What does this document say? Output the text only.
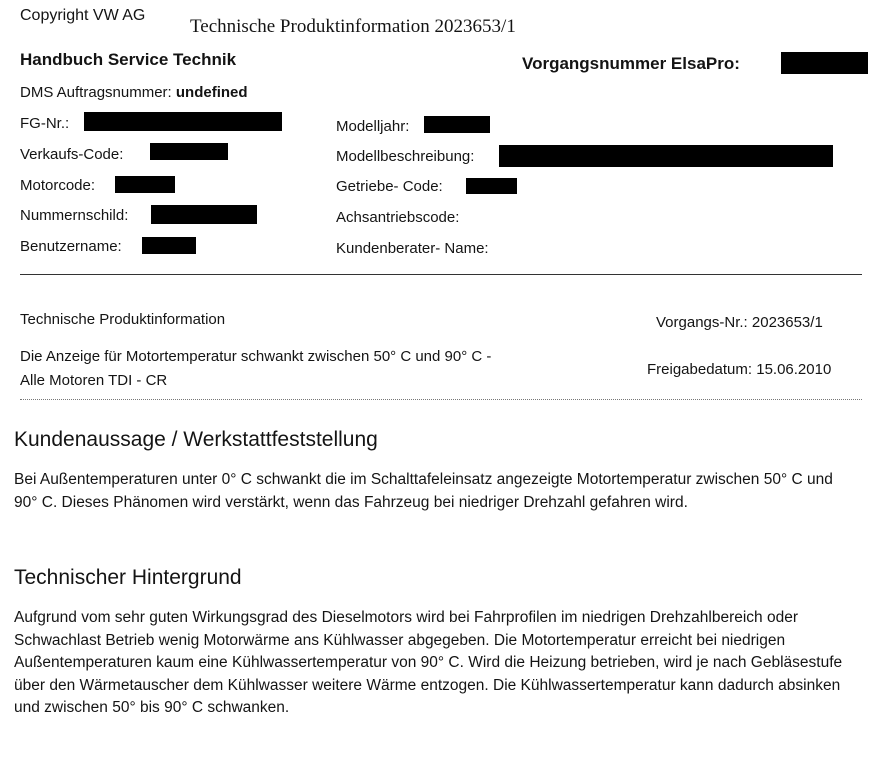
Copyright VW AG
Technische Produktinformation 2023653/1
Handbuch Service Technik	Vorgangsnummer ElsaPro:
DMS Auftragsnummer: undefined
FG-Nr.:
Verkaufs-Code:
Motorcode:
Nummernschild:
Benutzername:
Modelljahr:
Modellbeschreibung:
Getriebe- Code:
Achsantriebscode:
Kundenberater- Name:
Technische Produktinformation	Vorgangs-Nr.: 2023653/1
Die Anzeige für Motortemperatur schwankt zwischen 50° C und 90° C -
Alle Motoren TDI - CR
Freigabedatum: 15.06.2010
Kundenaussage / Werkstattfeststellung

Bei Außentemperaturen unter 0° C schwankt die im Schalttafeleinsatz angezeigte Motortemperatur zwischen 50° C und 90° C. Dieses Phänomen wird verstärkt, wenn das Fahrzeug bei niedriger Drehzahl gefahren wird.

Technischer Hintergrund

Aufgrund vom sehr guten Wirkungsgrad des Dieselmotors wird bei Fahrprofilen im niedrigen Drehzahlbereich oder Schwachlast Betrieb wenig Motorwärme ans Kühlwasser abgegeben. Die Motortemperatur erreicht bei niedrigen Außentemperaturen kaum eine Kühlwassertemperatur von 90° C. Wird die Heizung betrieben, wird je nach Gebläsestufe über den Wärmetauscher dem Kühlwasser weitere Wärme entzogen. Die Kühlwassertemperatur kann dadurch absinken und zwischen 50° bis 90° C schwanken.
